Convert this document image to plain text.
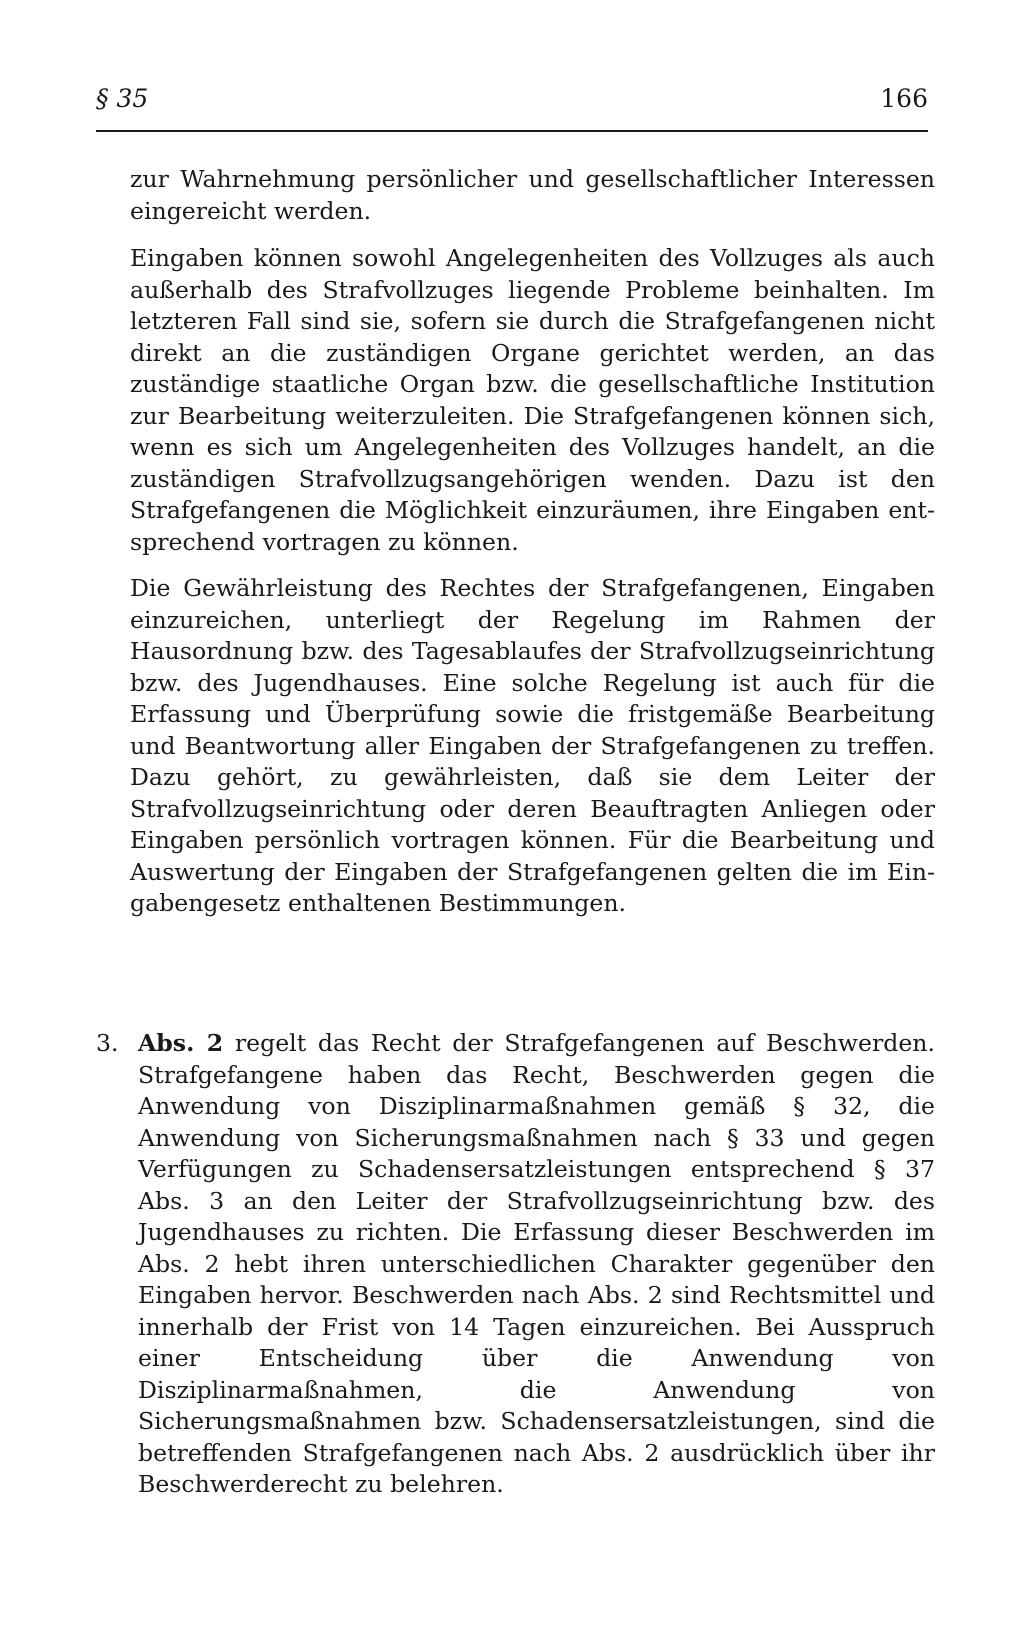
§ 35	166

zur Wahrnehmung persönlicher und gesellschaftlicher Interessen eingereicht werden.

Eingaben können sowohl Angelegenheiten des Vollzuges als auch außerhalb des Strafvollzuges liegende Probleme beinhalten. Im letzteren Fall sind sie, sofern sie durch die Strafgefangenen nicht direkt an die zuständigen Organe gerichtet werden, an das zuständige staatliche Organ bzw. die gesellschaftliche Institution zur Bearbeitung weiterzuleiten. Die Strafgefangenen können sich, wenn es sich um Angelegenheiten des Vollzuges handelt, an die zuständigen Strafvollzugsangehörigen wenden. Dazu ist den Strafgefangenen die Möglichkeit einzuräumen, ihre Eingaben entsprechend vortragen zu können.

Die Gewährleistung des Rechtes der Strafgefangenen, Eingaben einzureichen, unterliegt der Regelung im Rahmen der Hausordnung bzw. des Tagesablaufes der Strafvollzugseinrichtung bzw. des Jugendhauses. Eine solche Regelung ist auch für die Erfassung und Überprüfung sowie die fristgemäße Bearbeitung und Beantwortung aller Eingaben der Strafgefangenen zu treffen. Dazu gehört, zu gewährleisten, daß sie dem Leiter der Strafvollzugseinrichtung oder deren Beauftragten Anliegen oder Eingaben persönlich vortragen können. Für die Bearbeitung und Auswertung der Eingaben der Strafgefangenen gelten die im Eingabengesetz enthaltenen Bestimmungen.

3. Abs. 2 regelt das Recht der Strafgefangenen auf Beschwerden. Strafgefangene haben das Recht, Beschwerden gegen die Anwendung von Disziplinarmaßnahmen gemäß § 32, die Anwendung von Sicherungsmaßnahmen nach § 33 und gegen Verfügungen zu Schadensersatzleistungen entsprechend § 37 Abs. 3 an den Leiter der Strafvollzugseinrichtung bzw. des Jugendhauses zu richten. Die Erfassung dieser Beschwerden im Abs. 2 hebt ihren unterschiedlichen Charakter gegenüber den Eingaben hervor. Beschwerden nach Abs. 2 sind Rechtsmittel und innerhalb der Frist von 14 Tagen einzureichen. Bei Ausspruch einer Entscheidung über die Anwendung von Disziplinarmaßnahmen, die Anwendung von Sicherungsmaßnahmen bzw. Schadensersatzleistungen, sind die betreffenden Strafgefangenen nach Abs. 2 ausdrücklich über ihr Beschwerderecht zu belehren.
